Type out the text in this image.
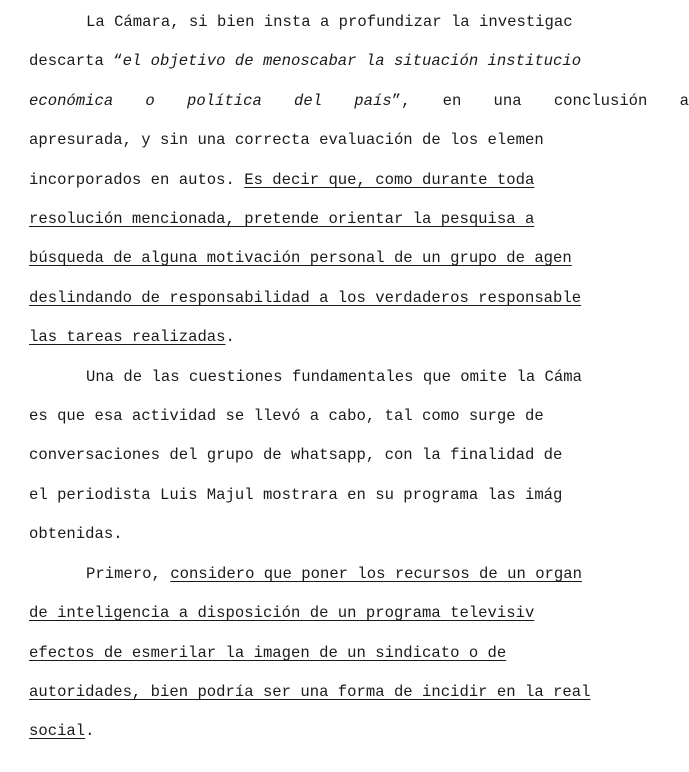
La Cámara, si bien insta a profundizar la investigac
descarta “el objetivo de menoscabar la situación institucio
económica o política del país”, en una conclusión a
apresurada, y sin una correcta evaluación de los elemen
incorporados en autos. Es decir que, como durante toda
resolución mencionada, pretende orientar la pesquisa a
búsqueda de alguna motivación personal de un grupo de agen
deslindando de responsabilidad a los verdaderos responsable
las tareas realizadas.
Una de las cuestiones fundamentales que omite la Cáma
es que esa actividad se llevó a cabo, tal como surge de
conversaciones del grupo de whatsapp, con la finalidad de
el periodista Luis Majul mostrara en su programa las imág
obtenidas.
Primero, considero que poner los recursos de un organ
de inteligencia a disposición de un programa televisiv
efectos de esmerilar la imagen de un sindicato o de
autoridades, bien podría ser una forma de incidir en la real
social.
